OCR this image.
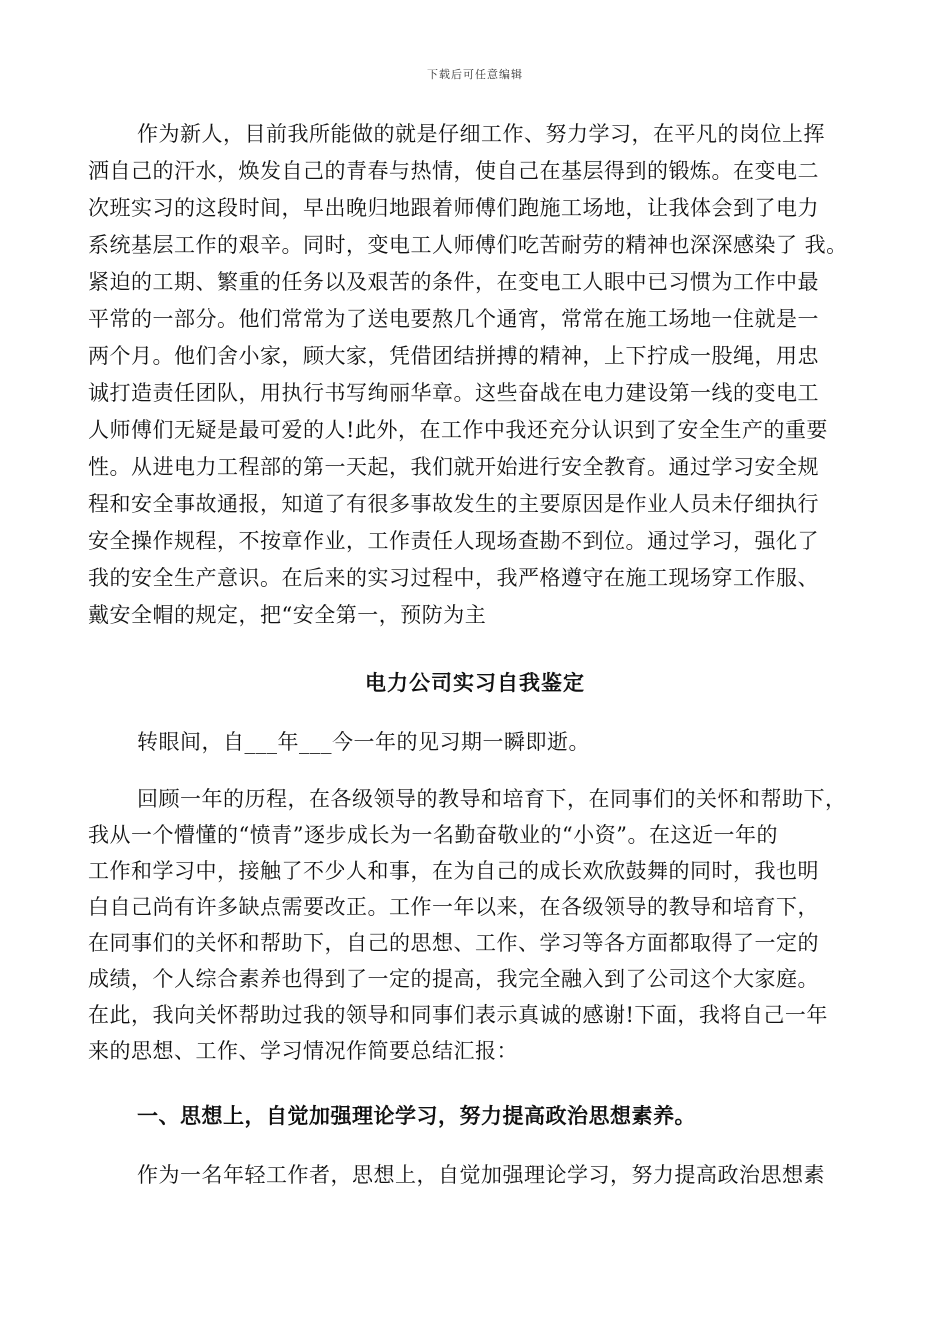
下载后可任意编辑
作为新人，目前我所能做的就是仔细工作、努力学习，在平凡的岗位上挥
洒自己的汗水，焕发自己的青春与热情，使自己在基层得到的锻炼。在变电二
次班实习的这段时间，早出晚归地跟着师傅们跑施工场地，让我体会到了电力
系统基层工作的艰辛。同时，变电工人师傅们吃苦耐劳的精神也深深感染了 我。
紧迫的工期、繁重的任务以及艰苦的条件，在变电工人眼中已习惯为工作中最
平常的一部分。他们常常为了送电要熬几个通宵，常常在施工场地一住就是一
两个月。他们舍小家，顾大家，凭借团结拼搏的精神，上下拧成一股绳，用忠
诚打造责任团队，用执行书写绚丽华章。这些奋战在电力建设第一线的变电工
人师傅们无疑是最可爱的人!此外，在工作中我还充分认识到了安全生产的重要
性。从进电力工程部的第一天起，我们就开始进行安全教育。通过学习安全规
程和安全事故通报，知道了有很多事故发生的主要原因是作业人员未仔细执行
安全操作规程，不按章作业，工作责任人现场查勘不到位。通过学习，强化了
我的安全生产意识。在后来的实习过程中，我严格遵守在施工现场穿工作服、
戴安全帽的规定，把“安全第一，预防为主
电力公司实习自我鉴定
转眼间，自___年___今一年的见习期一瞬即逝。
回顾一年的历程，在各级领导的教导和培育下，在同事们的关怀和帮助下，
我从一个懵懂的“愤青”逐步成长为一名勤奋敬业的“小资”。在这近一年的
工作和学习中，接触了不少人和事，在为自己的成长欢欣鼓舞的同时，我也明
白自己尚有许多缺点需要改正。工作一年以来，在各级领导的教导和培育下，
在同事们的关怀和帮助下，自己的思想、工作、学习等各方面都取得了一定的
成绩，个人综合素养也得到了一定的提高，我完全融入到了公司这个大家庭。
在此，我向关怀帮助过我的领导和同事们表示真诚的感谢!下面，我将自己一年
来的思想、工作、学习情况作简要总结汇报：
一、思想上，自觉加强理论学习，努力提高政治思想素养。
作为一名年轻工作者，思想上，自觉加强理论学习，努力提高政治思想素
